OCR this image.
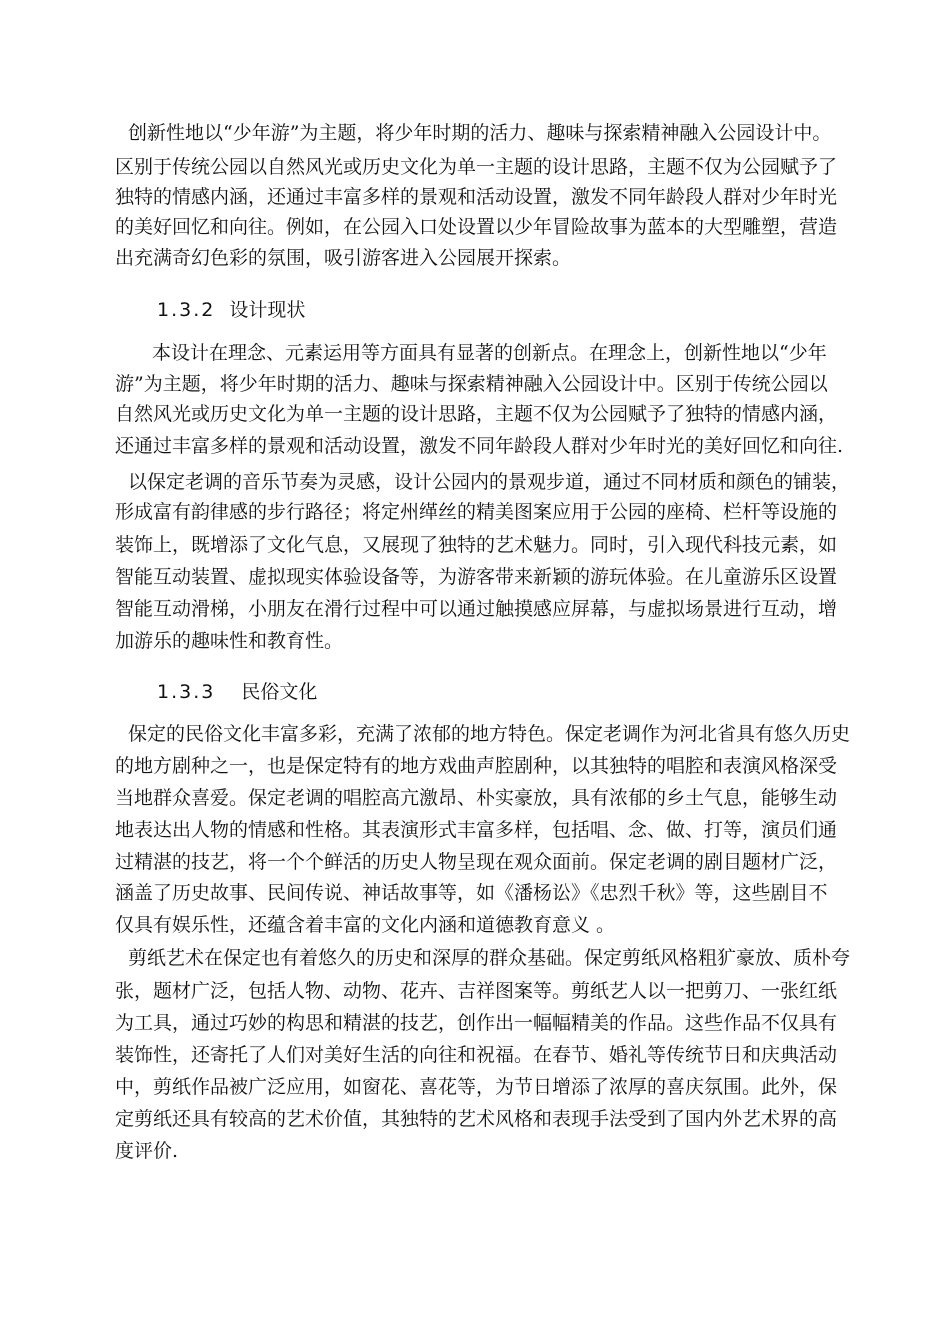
创新性地以“少年游”为主题，将少年时期的活力、趣味与探索精神融入公园设计中。
区别于传统公园以自然风光或历史文化为单一主题的设计思路，主题不仅为公园赋予了
独特的情感内涵，还通过丰富多样的景观和活动设置，激发不同年龄段人群对少年时光
的美好回忆和向往。例如，在公园入口处设置以少年冒险故事为蓝本的大型雕塑，营造
出充满奇幻色彩的氛围，吸引游客进入公园展开探索。
1.3.2 设计现状
本设计在理念、元素运用等方面具有显著的创新点。在理念上，创新性地以“少年
游”为主题，将少年时期的活力、趣味与探索精神融入公园设计中。区别于传统公园以
自然风光或历史文化为单一主题的设计思路，主题不仅为公园赋予了独特的情感内涵，
还通过丰富多样的景观和活动设置，激发不同年龄段人群对少年时光的美好回忆和向往.
以保定老调的音乐节奏为灵感，设计公园内的景观步道，通过不同材质和颜色的铺装，
形成富有韵律感的步行路径；将定州缂丝的精美图案应用于公园的座椅、栏杆等设施的
装饰上，既增添了文化气息，又展现了独特的艺术魅力。同时，引入现代科技元素，如
智能互动装置、虚拟现实体验设备等，为游客带来新颖的游玩体验。在儿童游乐区设置
智能互动滑梯，小朋友在滑行过程中可以通过触摸感应屏幕，与虚拟场景进行互动，增
加游乐的趣味性和教育性。
1.3.3 民俗文化
保定的民俗文化丰富多彩，充满了浓郁的地方特色。保定老调作为河北省具有悠久历史
的地方剧种之一，也是保定特有的地方戏曲声腔剧种，以其独特的唱腔和表演风格深受
当地群众喜爱。保定老调的唱腔高亢激昂、朴实豪放，具有浓郁的乡土气息，能够生动
地表达出人物的情感和性格。其表演形式丰富多样，包括唱、念、做、打等，演员们通
过精湛的技艺，将一个个鲜活的历史人物呈现在观众面前。保定老调的剧目题材广泛，
涵盖了历史故事、民间传说、神话故事等，如《潘杨讼》《忠烈千秋》等，这些剧目不
仅具有娱乐性，还蕴含着丰富的文化内涵和道德教育意义 。
剪纸艺术在保定也有着悠久的历史和深厚的群众基础。保定剪纸风格粗犷豪放、质朴夸
张，题材广泛，包括人物、动物、花卉、吉祥图案等。剪纸艺人以一把剪刀、一张红纸
为工具，通过巧妙的构思和精湛的技艺，创作出一幅幅精美的作品。这些作品不仅具有
装饰性，还寄托了人们对美好生活的向往和祝福。在春节、婚礼等传统节日和庆典活动
中，剪纸作品被广泛应用，如窗花、喜花等，为节日增添了浓厚的喜庆氛围。此外，保
定剪纸还具有较高的艺术价值，其独特的艺术风格和表现手法受到了国内外艺术界的高
度评价.
